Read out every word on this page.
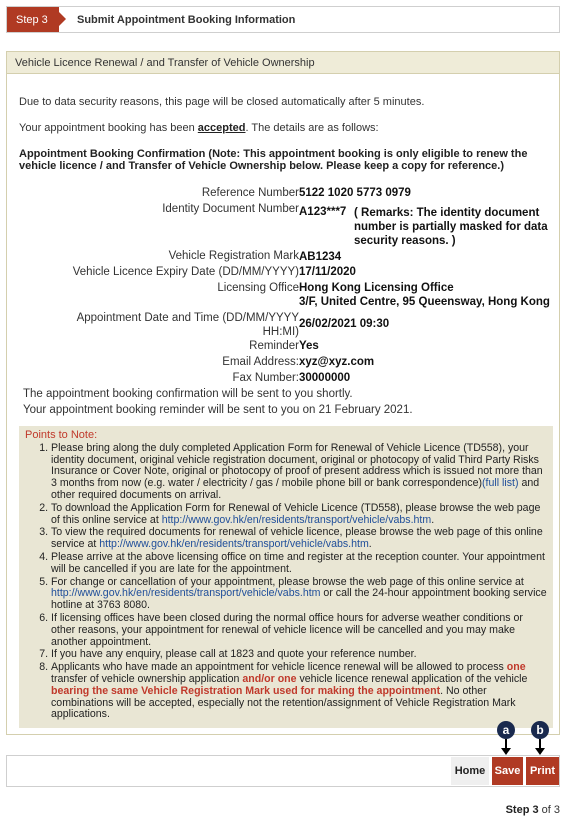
Step 3	Submit Appointment Booking Information
Vehicle Licence Renewal / and Transfer of Vehicle Ownership
Due to data security reasons, this page will be closed automatically after 5 minutes.
Your appointment booking has been accepted. The details are as follows:
Appointment Booking Confirmation (Note: This appointment booking is only eligible to renew the vehicle licence / and Transfer of Vehicle Ownership below. Please keep a copy for reference.)
Reference Number 5122 1020 5773 0979
Identity Document Number A123***7 ( Remarks: The identity document number is partially masked for data security reasons. )
Vehicle Registration Mark AB1234
Vehicle Licence Expiry Date (DD/MM/YYYY) 17/11/2020
Licensing Office Hong Kong Licensing Office
3/F, United Centre, 95 Queensway, Hong Kong
Appointment Date and Time (DD/MM/YYYY
HH:MI)
26/02/2021 09:30
Reminder Yes
Email Address: xyz@xyz.com
Fax Number: 30000000
The appointment booking confirmation will be sent to you shortly.
Your appointment booking reminder will be sent to you on 21 February 2021.
Points to Note:
1. Please bring along the duly completed Application Form for Renewal of Vehicle Licence (TD558), your identity document, original vehicle registration document, original or photocopy of valid Third Party Risks Insurance or Cover Note, original or photocopy of proof of present address which is issued not more than 3 months from now (e.g. water / electricity / gas / mobile phone bill or bank correspondence)(full list) and other required documents on arrival.
2. To download the Application Form for Renewal of Vehicle Licence (TD558), please browse the web page of this online service at http://www.gov.hk/en/residents/transport/vehicle/vabs.htm.
3. To view the required documents for renewal of vehicle licence, please browse the web page of this online service at http://www.gov.hk/en/residents/transport/vehicle/vabs.htm.
4. Please arrive at the above licensing office on time and register at the reception counter. Your appointment will be cancelled if you are late for the appointment.
5. For change or cancellation of your appointment, please browse the web page of this online service at http://www.gov.hk/en/residents/transport/vehicle/vabs.htm or call the 24-hour appointment booking service hotline at 3763 8080.
6. If licensing offices have been closed during the normal office hours for adverse weather conditions or other reasons, your appointment for renewal of vehicle licence will be cancelled and you may make another appointment.
7. If you have any enquiry, please call at 1823 and quote your reference number.
8. Applicants who have made an appointment for vehicle licence renewal will be allowed to process one transfer of vehicle ownership application and/or one vehicle licence renewal application of the vehicle bearing the same Vehicle Registration Mark used for making the appointment. No other combinations will be accepted, especially not the retention/assignment of Vehicle Registration Mark applications.
a	b
Home Save Print
Step 3 of 3
